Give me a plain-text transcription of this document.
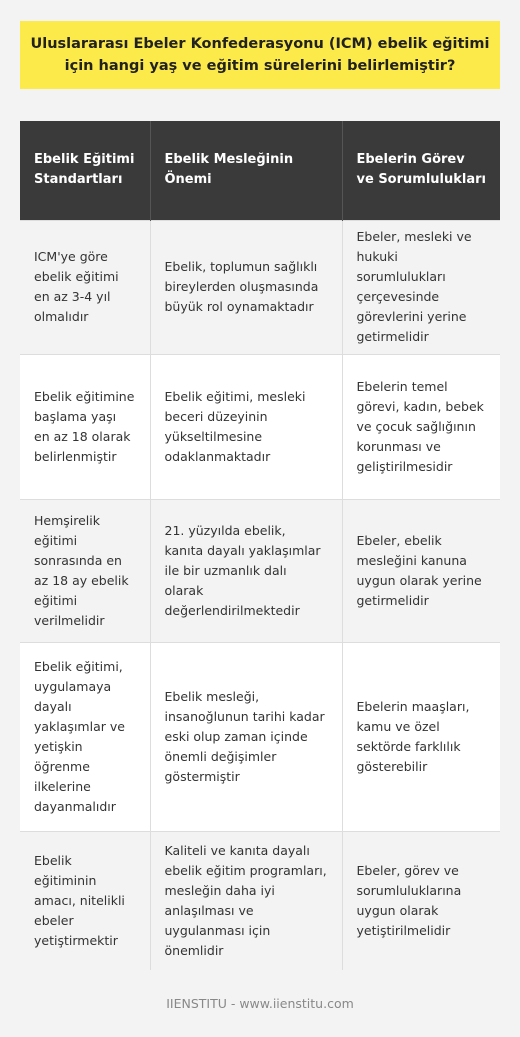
Uluslararası Ebeler Konfederasyonu (ICM) ebelik eğitimi için hangi yaş ve eğitim sürelerini belirlemiştir?
Ebelik Eğitimi Standartları	Ebelik Mesleğinin Önemi	Ebelerin Görev ve Sorumlulukları
ICM'ye göre ebelik eğitimi en az 3-4 yıl olmalıdır	Ebelik, toplumun sağlıklı bireylerden oluşmasında büyük rol oynamaktadır	Ebeler, mesleki ve hukuki sorumlulukları çerçevesinde görevlerini yerine getirmelidir
Ebelik eğitimine başlama yaşı en az 18 olarak belirlenmiştir	Ebelik eğitimi, mesleki beceri düzeyinin yükseltilmesine odaklanmaktadır	Ebelerin temel görevi, kadın, bebek ve çocuk sağlığının korunması ve geliştirilmesidir
Hemşirelik eğitimi sonrasında en az 18 ay ebelik eğitimi verilmelidir	21. yüzyılda ebelik, kanıta dayalı yaklaşımlar ile bir uzmanlık dalı olarak değerlendirilmektedir	Ebeler, ebelik mesleğini kanuna uygun olarak yerine getirmelidir
Ebelik eğitimi, uygulamaya dayalı yaklaşımlar ve yetişkin öğrenme ilkelerine dayanmalıdır	Ebelik mesleği, insanoğlunun tarihi kadar eski olup zaman içinde önemli değişimler göstermiştir	Ebelerin maaşları, kamu ve özel sektörde farklılık gösterebilir
Ebelik eğitiminin amacı, nitelikli ebeler yetiştirmektir	Kaliteli ve kanıta dayalı ebelik eğitim programları, mesleğin daha iyi anlaşılması ve uygulanması için önemlidir	Ebeler, görev ve sorumluluklarına uygun olarak yetiştirilmelidir
IIENSTITU - www.iienstitu.com
